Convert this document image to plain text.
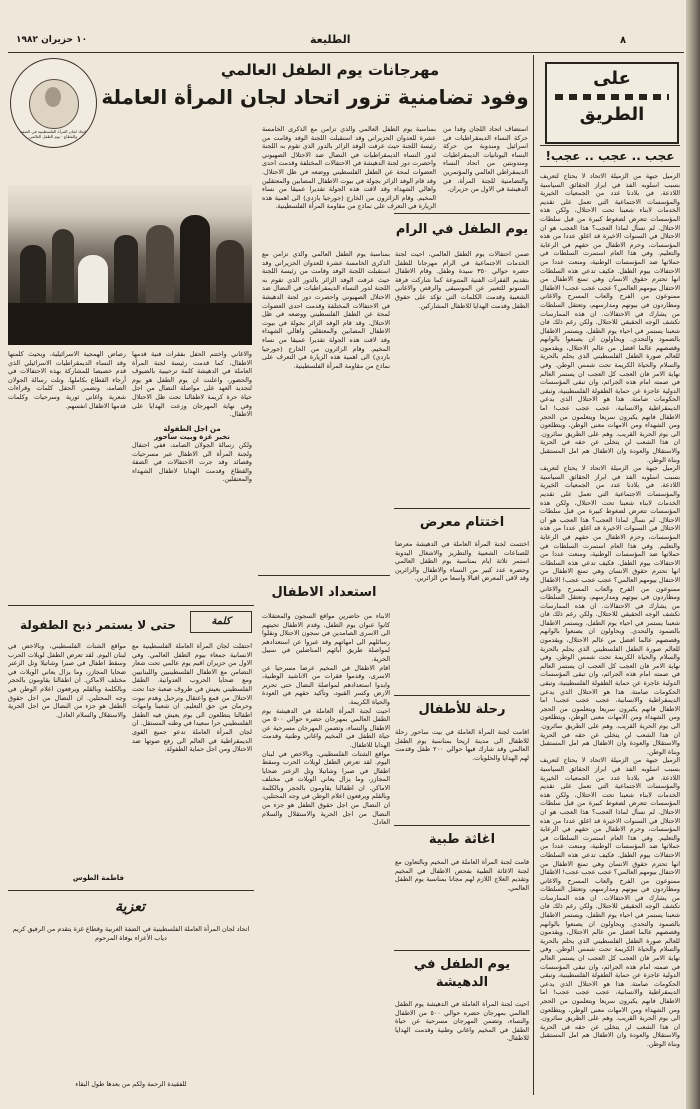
١٠ حزيران ١٩٨٢	الطليعة	٨

مهرجانات يوم الطفل العالمي

وفود تضامنية تزور اتحاد لجان المرأة العاملة

اتحاد لجان المرأة الفلسطينية في الضفة والقطاع · يوم الطفل العالمي

استضاف اتحاد اللجان وفدا من حركة النساء الديمقراطيات في اسرائيل ومندوبة من حركة النساء اليونانيات الديمقراطيات ومندوبتين من اتحاد النساء الديمقراطي العالمي والمؤتمرين والتضامنية للجنة المرأة، في الدهيشة في الاول من حزيران.

بمناسبة يوم الطفل العالمي والذي تزامن مع الذكرى الخامسة عشرة للعدوان الحزيراني وقد استقبلت اللجنة الوفد وقامت من رئيسة اللجنة حيث عرفت الوفد الزائر بالدور الذي تقوم به اللجنة لدور النساء الديمقراطيات في النضال ضد الاحتلال الصهيوني واحصرت دور لجنة الدهيشة في الاحتفالات المختلفة وقدمت احدى العضوات لمحة عن الطفل الفلسطيني ووضعه في ظل الاحتلال. وقد قام الوفد الزائر بجولة في بيوت الاطفال المصابين والمعتقلين واهالي الشهداء وقد لاقت هذه الجولة تقديرا عميقا من نساء المخيم. وقام الزائرون من الخارج (جورجيا بازدي) الى اهمية هذه الزيارة في التعرف على نماذج من مقاومة المرأة الفلسطينية.

والاغاني واختتم الحفل بفقرات فنية قدمها الاطفال، كما قدمت رئيسة لجنة المرأة العاملة في الدهيشة كلمة ترحيبية بالضيوف والحضور، واعلنت ان يوم الطفل هو يوم لتجديد العهد على مواصلة النضال من اجل حياة حرة كريمة لاطفالنا تحت ظل الاحتلال وفي نهاية المهرجان وزعت الهدايا على الاطفال.

رصاص الهمجية الاسرائيلية، وبحيث كلمتها وقد النساء الديمقراطيات الاسرائيلي الذي قدم خصيصا للمشاركة بهذه الاحتفالات في أرجاء القطاع بكاملها. وتلت رسالة الجولان الصامد، وتضمن الحفل كلمات وقراءات شعرية واغاني ثورية وسرحيات وكلمات قدمها الاطفال انفسهم.

من اجل الطفولة

نخبر غزة وبيت ساحور

ولكن رسالة الجولان الصامد، ففي احتفال ولجنة المرأة الى الاطفال عبر مسرحيات وقصائد وقد جرت الاحتفالات في الضفة والقطاع وقدمت الهدايا لاطفال الشهداء والمعتقلين.

يوم الطفل في الرام

ضمن احتفالات يوم الطفل العالمي، احيت لجنة الخدمات الاجتماعية في الرام مهرجانا للطفل حضره حوالي ٣٥٠ سيدة وطفل. وقام الاطفال بتقديم الفقرات الفنية المتنوعة كما شاركت فرقة السنونو للتعبير عن الموسيقى والرقص والاغاني الشعبية وقدمت الكلمات التي تؤكد على حقوق الطفل وقدمت الهدايا للاطفال المشاركين.

بمناسبة يوم الطفل العالمي والذي تزامن مع الذكرى الخامسة عشرة للعدوان الحزيراني وقد استقبلت اللجنة الوفد وقامت من رئيسة اللجنة حيث عرفت الوفد الزائر بالدور الذي تقوم به اللجنة لدور النساء الديمقراطيات في النضال ضد الاحتلال الصهيوني واحصرت دور لجنة الدهيشة في الاحتفالات المختلفة وقدمت احدى العضوات لمحة عن الطفل الفلسطيني ووضعه في ظل الاحتلال. وقد قام الوفد الزائر بجولة في بيوت الاطفال المصابين والمعتقلين واهالي الشهداء وقد لاقت هذه الجولة تقديرا عميقا من نساء المخيم. وقام الزائرون من الخارج (جورجيا بازدي) الى اهمية هذه الزيارة في التعرف على نماذج من مقاومة المرأة الفلسطينية.

اختتام معرض

اختتمت لجنة المرأة العاملة في الدهيشة معرضا للصناعات الشعبية والتطريز والاشغال اليدوية استمر ثلاثة ايام بمناسبة يوم الطفل العالمي وحضره عدد كبير من النساء والاطفال والزائرين وقد لاقى المعرض اقبالا واسعا من الزائرين.

استعداد الاطفال

الابناء من حاضرين مواقع السجون والمعتقلات كانوا عنوان يوم الطفل، وقدم الاطفال تحيتهم الى الاسرى الصامدين في سجون الاحتلال ونقلوا رسائلهم الى امهاتهم وقد عبروا عن استعدادهم لمواصلة طريق آبائهم المناضلين في سبيل الحرية.

اقام الاطفال في المخيم عرضا مسرحيا عن الاسرى، وقدموا فقرات من الاناشيد الوطنية، وابدوا استعدادهم لمواصلة النضال حتى تحرير الارض وكسر القيود، وتأكيد حقهم في العودة والحياة الكريمة.

احيت لجنة المرأة العاملة في الدهيشة يوم الطفل العالمي بمهرجان حضره حوالي ٥٠٠ من الاطفال والنساء، وتضمن المهرجان مسرحية عن حياة الطفل في المخيم واغاني وطنية وقدمت الهدايا للاطفال.

مواقع الشتات الفلسطيني، وبالاخص في لبنان اليوم. لقد تعرض الطفل لويلات الحرب وسقط اطفال في صبرا وشاتيلا وتل الزعتر ضحايا المجازر، وما يزال يعاني الويلات في مختلف الاماكن. ان اطفالنا يقاومون بالحجر وبالكلمة وبالقلم ويرفعون اعلام الوطن في وجه المحتلين. ان النضال من اجل حقوق الطفل هو جزء من النضال من اجل الحرية والاستقلال والسلام العادل.

كلمة

حتى لا يستمر ذبح الطفولة

احتفلت لجان المرأة العاملة الفلسطينية مع الانسانية جمعاء بيوم الطفل العالمي. وفي الاول من حزيران اقيم يوم عالمي تحت شعار التضامن مع الاطفال الفلسطينيين واللبنانيين ومع ضحايا الحروب العدوانية. الطفل الفلسطيني يعيش في ظروف صعبة جدا تحت الاحتلال من قمع واعتقال وترحيل وهدم بيوت وحرمان من حق التعليم. ان شعبنا وامهات اطفالنا يتطلعون الى يوم يعيش فيه الطفل الفلسطيني حرا سعيدا في وطنه المستقل. ان لجان المرأة العاملة تدعو جميع القوى الديمقراطية في العالم الى رفع صوتها ضد الاحتلال ومن اجل حماية الطفولة.

مواقع الشتات الفلسطيني، وبالاخص في لبنان اليوم. لقد تعرض الطفل لويلات الحرب وسقط اطفال في صبرا وشاتيلا وتل الزعتر ضحايا المجازر، وما يزال يعاني الويلات في مختلف الاماكن. ان اطفالنا يقاومون بالحجر وبالكلمة وبالقلم ويرفعون اعلام الوطن في وجه المحتلين. ان النضال من اجل حقوق الطفل هو جزء من النضال من اجل الحرية والاستقلال والسلام العادل.

فاطمة الطوس

تعزية

اتحاد لجان المرأة العاملة الفلسطينية في الضفة الغربية وقطاع غزة يتقدم من الرفيق كريم دياب الأعزاء بوفاة المرحوم

للفقيدة الرحمة ولكم من بعدها طول البقاء

رحلة للأطفال

اقامت لجنة المرأة العاملة في بيت ساحور رحلة للاطفال الى مدينة اريحا بمناسبة يوم الطفل العالمي وقد شارك فيها حوالي ٢٠٠ طفل وقدمت لهم الهدايا والحلويات.

اغاثة طبية

قامت لجنة المرأة العاملة في المخيم وبالتعاون مع لجنة الاغاثة الطبية بفحص الاطفال في المخيم وتقديم العلاج اللازم لهم مجانا بمناسبة يوم الطفل العالمي.

يوم الطفل في الدهيشة

احيت لجنة المرأة العاملة في الدهيشة يوم الطفل العالمي بمهرجان حضره حوالي ٥٠٠ من الاطفال والنساء، وتضمن المهرجان مسرحية عن حياة الطفل في المخيم واغاني وطنية وقدمت الهدايا للاطفال.

على

الطريق

عجب .. عجب .. عجب!

الزميل جبهة من الزميلة الاتحاد لا يحتاج لتعريف بسبب اسلوبه الفذ في ابراز الحقائق السياسية اللاذعة. في بلادنا عدد من الجمعيات الخيرية والمؤسسات الاجتماعية التي تعمل على تقديم الخدمات لابناء شعبنا تحت الاحتلال، ولكن هذه المؤسسات تتعرض لضغوط كبيرة من قبل سلطات الاحتلال. لم نسأل لماذا العجب؟ هذا العجب هو ان الاحتلال في السنوات الاخيرة قد اغلق عددا من هذه المؤسسات، وحرم الاطفال من حقهم في الرعاية والتعليم. وفي هذا العام استمرت السلطات في حملاتها ضد المؤسسات الوطنية، ومنعت عددا من الاحتفالات بيوم الطفل. فكيف تدعي هذه السلطات انها تحترم حقوق الانسان وهي تمنع الاطفال من الاحتفال بيومهم العالمي؟ عجب عجب عجب! الاطفال ممنوعون من الفرح والعاب المسرح والاغاني ومطاردون في بيوتهم ومدارسهم، وتعتقل السلطات من يشارك في الاحتفالات. ان هذه الممارسات تكشف الوجه الحقيقي للاحتلال. ولكن رغم ذلك فان شعبنا يستمر في احياء يوم الطفل، ويستمر الاطفال بالصمود والتحدي. ويحاولون ان يصنعوا بالوانهم وقصصهم عالما افضل من عالم الاحتلال، ويقدمون للعالم صورة الطفل الفلسطيني الذي يحلم بالحرية والسلام والحياة الكريمة تحت شمس الوطن. وفي نهاية الامر فان العجب كل العجب ان يستمر العالم في صمته امام هذه الجرائم، وان تبقى المؤسسات الدولية عاجزة عن حماية الطفولة الفلسطينية، وتبقى الحكومات صامتة. هذا هو الاحتلال الذي يدعي الديمقراطية والانسانية، عجب عجب عجب! اما الاطفال فانهم يكبرون سريعا ويتعلمون من الحجر ومن الشهداء ومن الامهات معنى الوطن، ويتطلعون الى يوم الحرية القريب. وهم على الطريق سائرون. ان هذا الشعب لن يتخلى عن حقه في الحرية والاستقلال والعودة وان الاطفال هم امل المستقبل وبناة الوطن.

الزميل جبهة من الزميلة الاتحاد لا يحتاج لتعريف بسبب اسلوبه الفذ في ابراز الحقائق السياسية اللاذعة. في بلادنا عدد من الجمعيات الخيرية والمؤسسات الاجتماعية التي تعمل على تقديم الخدمات لابناء شعبنا تحت الاحتلال، ولكن هذه المؤسسات تتعرض لضغوط كبيرة من قبل سلطات الاحتلال. لم نسأل لماذا العجب؟ هذا العجب هو ان الاحتلال في السنوات الاخيرة قد اغلق عددا من هذه المؤسسات، وحرم الاطفال من حقهم في الرعاية والتعليم. وفي هذا العام استمرت السلطات في حملاتها ضد المؤسسات الوطنية، ومنعت عددا من الاحتفالات بيوم الطفل. فكيف تدعي هذه السلطات انها تحترم حقوق الانسان وهي تمنع الاطفال من الاحتفال بيومهم العالمي؟ عجب عجب عجب! الاطفال ممنوعون من الفرح والعاب المسرح والاغاني ومطاردون في بيوتهم ومدارسهم، وتعتقل السلطات من يشارك في الاحتفالات. ان هذه الممارسات تكشف الوجه الحقيقي للاحتلال. ولكن رغم ذلك فان شعبنا يستمر في احياء يوم الطفل، ويستمر الاطفال بالصمود والتحدي. ويحاولون ان يصنعوا بالوانهم وقصصهم عالما افضل من عالم الاحتلال، ويقدمون للعالم صورة الطفل الفلسطيني الذي يحلم بالحرية والسلام والحياة الكريمة تحت شمس الوطن. وفي نهاية الامر فان العجب كل العجب ان يستمر العالم في صمته امام هذه الجرائم، وان تبقى المؤسسات الدولية عاجزة عن حماية الطفولة الفلسطينية، وتبقى الحكومات صامتة. هذا هو الاحتلال الذي يدعي الديمقراطية والانسانية، عجب عجب عجب! اما الاطفال فانهم يكبرون سريعا ويتعلمون من الحجر ومن الشهداء ومن الامهات معنى الوطن، ويتطلعون الى يوم الحرية القريب. وهم على الطريق سائرون. ان هذا الشعب لن يتخلى عن حقه في الحرية والاستقلال والعودة وان الاطفال هم امل المستقبل وبناة الوطن.

الزميل جبهة من الزميلة الاتحاد لا يحتاج لتعريف بسبب اسلوبه الفذ في ابراز الحقائق السياسية اللاذعة. في بلادنا عدد من الجمعيات الخيرية والمؤسسات الاجتماعية التي تعمل على تقديم الخدمات لابناء شعبنا تحت الاحتلال، ولكن هذه المؤسسات تتعرض لضغوط كبيرة من قبل سلطات الاحتلال. لم نسأل لماذا العجب؟ هذا العجب هو ان الاحتلال في السنوات الاخيرة قد اغلق عددا من هذه المؤسسات، وحرم الاطفال من حقهم في الرعاية والتعليم. وفي هذا العام استمرت السلطات في حملاتها ضد المؤسسات الوطنية، ومنعت عددا من الاحتفالات بيوم الطفل. فكيف تدعي هذه السلطات انها تحترم حقوق الانسان وهي تمنع الاطفال من الاحتفال بيومهم العالمي؟ عجب عجب عجب! الاطفال ممنوعون من الفرح والعاب المسرح والاغاني ومطاردون في بيوتهم ومدارسهم، وتعتقل السلطات من يشارك في الاحتفالات. ان هذه الممارسات تكشف الوجه الحقيقي للاحتلال. ولكن رغم ذلك فان شعبنا يستمر في احياء يوم الطفل، ويستمر الاطفال بالصمود والتحدي. ويحاولون ان يصنعوا بالوانهم وقصصهم عالما افضل من عالم الاحتلال، ويقدمون للعالم صورة الطفل الفلسطيني الذي يحلم بالحرية والسلام والحياة الكريمة تحت شمس الوطن. وفي نهاية الامر فان العجب كل العجب ان يستمر العالم في صمته امام هذه الجرائم، وان تبقى المؤسسات الدولية عاجزة عن حماية الطفولة الفلسطينية، وتبقى الحكومات صامتة. هذا هو الاحتلال الذي يدعي الديمقراطية والانسانية، عجب عجب عجب! اما الاطفال فانهم يكبرون سريعا ويتعلمون من الحجر ومن الشهداء ومن الامهات معنى الوطن، ويتطلعون الى يوم الحرية القريب. وهم على الطريق سائرون. ان هذا الشعب لن يتخلى عن حقه في الحرية والاستقلال والعودة وان الاطفال هم امل المستقبل وبناة الوطن.
